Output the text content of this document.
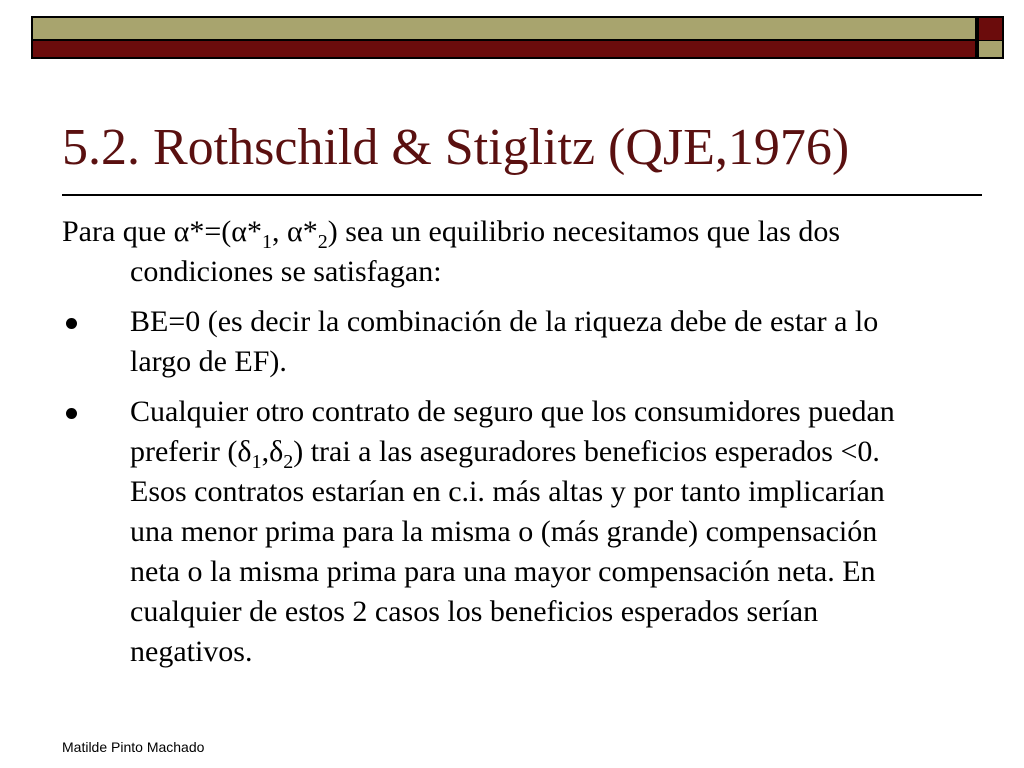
5.2. Rothschild & Stiglitz (QJE,1976)

Para que $\alpha*=(\alpha*_1$, $\alpha*_2$) sea un equilibrio necesitamos que las dos condiciones se satisfagan:

BE=0 (es decir la combinación de la riqueza debe de estar a lo largo de EF).
Cualquier otro contrato de seguro que los consumidores puedan preferir $(\delta_1,\delta_2)$ trai a las aseguradores beneficios esperados <0. Esos contratos estarían en c.i. más altas y por tanto implicarían una menor prima para la misma o (más grande) compensación neta o la misma prima para una mayor compensación neta. En cualquier de estos 2 casos los beneficios esperados serían negativos.
Matilde Pinto Machado
